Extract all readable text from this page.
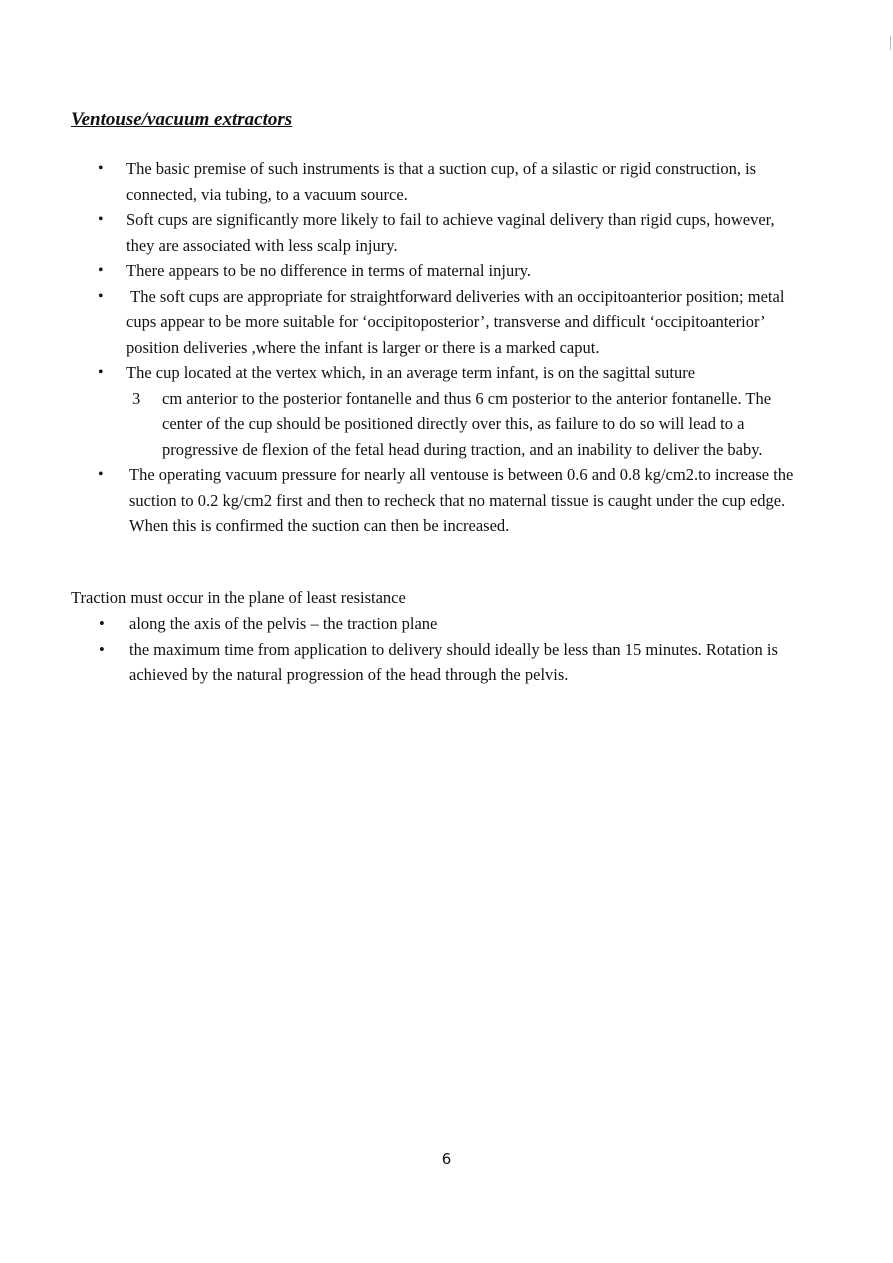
Ventouse/vacuum extractors
• The basic premise of such instruments is that a suction cup, of a silastic or rigid construction, is connected, via tubing, to a vacuum source.
• Soft cups are significantly more likely to fail to achieve vaginal delivery than rigid cups, however, they are associated with less scalp injury.
• There appears to be no difference in terms of maternal injury.
• The soft cups are appropriate for straightforward deliveries with an occipitoanterior position; metal cups appear to be more suitable for ‘occipitoposterior’, transverse and difficult ‘occipitoanterior’ position deliveries ,where the infant is larger or there is a marked caput.
• The cup located at the vertex which, in an average term infant, is on the sagittal suture
3 cm anterior to the posterior fontanelle and thus 6 cm posterior to the anterior fontanelle. The center of the cup should be positioned directly over this, as failure to do so will lead to a progressive de flexion of the fetal head during traction, and an inability to deliver the baby.
• The operating vacuum pressure for nearly all ventouse is between 0.6 and 0.8 kg/cm2.to increase the suction to 0.2 kg/cm2 first and then to recheck that no maternal tissue is caught under the cup edge. When this is confirmed the suction can then be increased.

Traction must occur in the plane of least resistance

• along the axis of the pelvis – the traction plane
• the maximum time from application to delivery should ideally be less than 15 minutes. Rotation is achieved by the natural progression of the head through the pelvis.
6
